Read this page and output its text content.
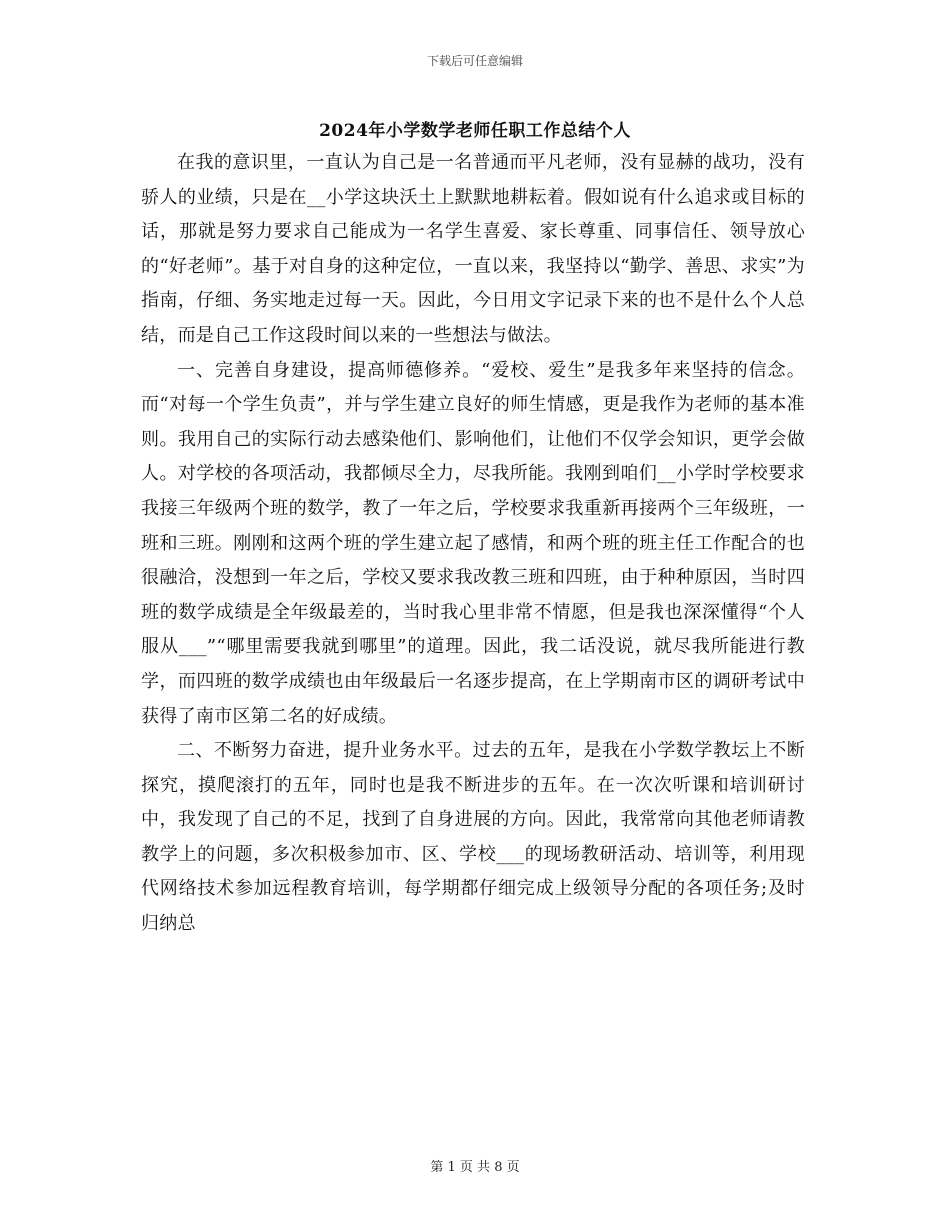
下载后可任意编辑
2024年小学数学老师任职工作总结个人

在我的意识里，一直认为自己是一名普通而平凡老师，没有显赫的战功，没有骄人的业绩，只是在__小学这块沃土上默默地耕耘着。假如说有什么追求或目标的话，那就是努力要求自己能成为一名学生喜爱、家长尊重、同事信任、领导放心的“好老师”。基于对自身的这种定位，一直以来，我坚持以“勤学、善思、求实”为指南，仔细、务实地走过每一天。因此，今日用文字记录下来的也不是什么个人总结，而是自己工作这段时间以来的一些想法与做法。

一、完善自身建设，提高师德修养。“爱校、爱生”是我多年来坚持的信念。而“对每一个学生负责”，并与学生建立良好的师生情感，更是我作为老师的基本准则。我用自己的实际行动去感染他们、影响他们，让他们不仅学会知识，更学会做人。对学校的各项活动，我都倾尽全力，尽我所能。我刚到咱们__小学时学校要求我接三年级两个班的数学，教了一年之后，学校要求我重新再接两个三年级班，一班和三班。刚刚和这两个班的学生建立起了感情，和两个班的班主任工作配合的也很融洽，没想到一年之后，学校又要求我改教三班和四班，由于种种原因，当时四班的数学成绩是全年级最差的，当时我心里非常不情愿，但是我也深深懂得“个人服从___”“哪里需要我就到哪里”的道理。因此，我二话没说，就尽我所能进行教学，而四班的数学成绩也由年级最后一名逐步提高，在上学期南市区的调研考试中获得了南市区第二名的好成绩。

二、不断努力奋进，提升业务水平。过去的五年，是我在小学数学教坛上不断探究，摸爬滚打的五年，同时也是我不断进步的五年。在一次次听课和培训研讨中，我发现了自己的不足，找到了自身进展的方向。因此，我常常向其他老师请教教学上的问题，多次积极参加市、区、学校___的现场教研活动、培训等，利用现代网络技术参加远程教育培训，每学期都仔细完成上级领导分配的各项任务;及时归纳总

第 1 页 共 8 页
